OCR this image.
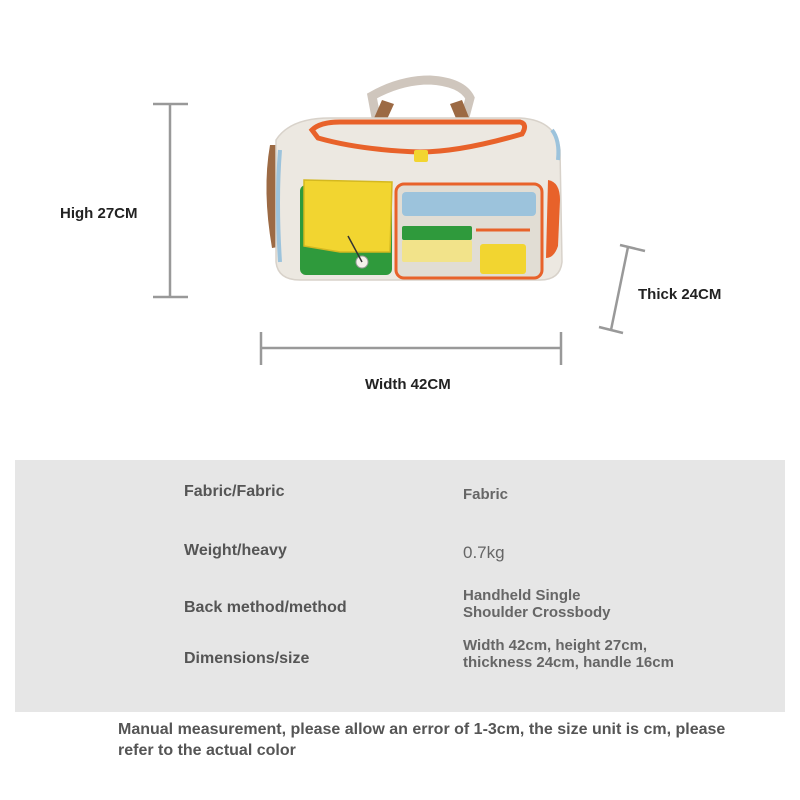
High 27CM
Width 42CM
Thick 24CM
Fabric/Fabric	Fabric
Weight/heavy	0.7kg
Back method/method
Handheld Single
Shoulder Crossbody
Dimensions/size
Width 42cm, height 27cm,
thickness 24cm, handle 16cm
Manual measurement, please allow an error of 1-3cm, the size unit is cm, please refer to the actual color
